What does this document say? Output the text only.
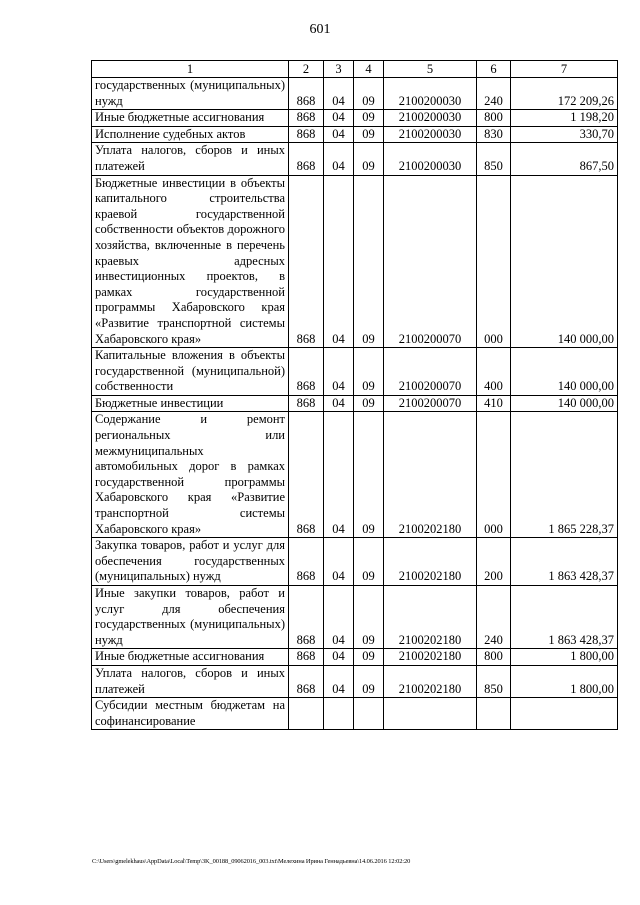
601
1	2	3	4	5	6	7
государственных (муниципальных) нужд	868	04	09	2100200030	240	172 209,26
Иные бюджетные ассигнования	868	04	09	2100200030	800	1 198,20
Исполнение судебных актов	868	04	09	2100200030	830	330,70
Уплата налогов, сборов и иных платежей	868	04	09	2100200030	850	867,50
Бюджетные инвестиции в объекты капитального строительства краевой государственной собственности объектов дорожного хозяйства, включенные в перечень краевых адресных инвестиционных проектов, в рамках государственной программы Хабаровского края «Развитие транспортной системы Хабаровского края»	868	04	09	2100200070	000	140 000,00
Капитальные вложения в объекты государственной (муниципальной) собственности	868	04	09	2100200070	400	140 000,00
Бюджетные инвестиции	868	04	09	2100200070	410	140 000,00
Содержание и ремонт региональных или межмуниципальных автомобильных дорог в рамках государственной программы Хабаровского края «Развитие транспортной системы Хабаровского края»	868	04	09	2100202180	000	1 865 228,37
Закупка товаров, работ и услуг для обеспечения государственных (муниципальных) нужд	868	04	09	2100202180	200	1 863 428,37
Иные закупки товаров, работ и услуг для обеспечения государственных (муниципальных) нужд	868	04	09	2100202180	240	1 863 428,37
Иные бюджетные ассигнования	868	04	09	2100202180	800	1 800,00
Уплата налогов, сборов и иных платежей	868	04	09	2100202180	850	1 800,00
Субсидии местным бюджетам на софинансирование						
C:\Users\gmelekhaus\AppData\Local\Temp\3K_00188_09062016_003.txt\Мелехина Ирина Геннадьевна\14.06.2016 12:02:20
